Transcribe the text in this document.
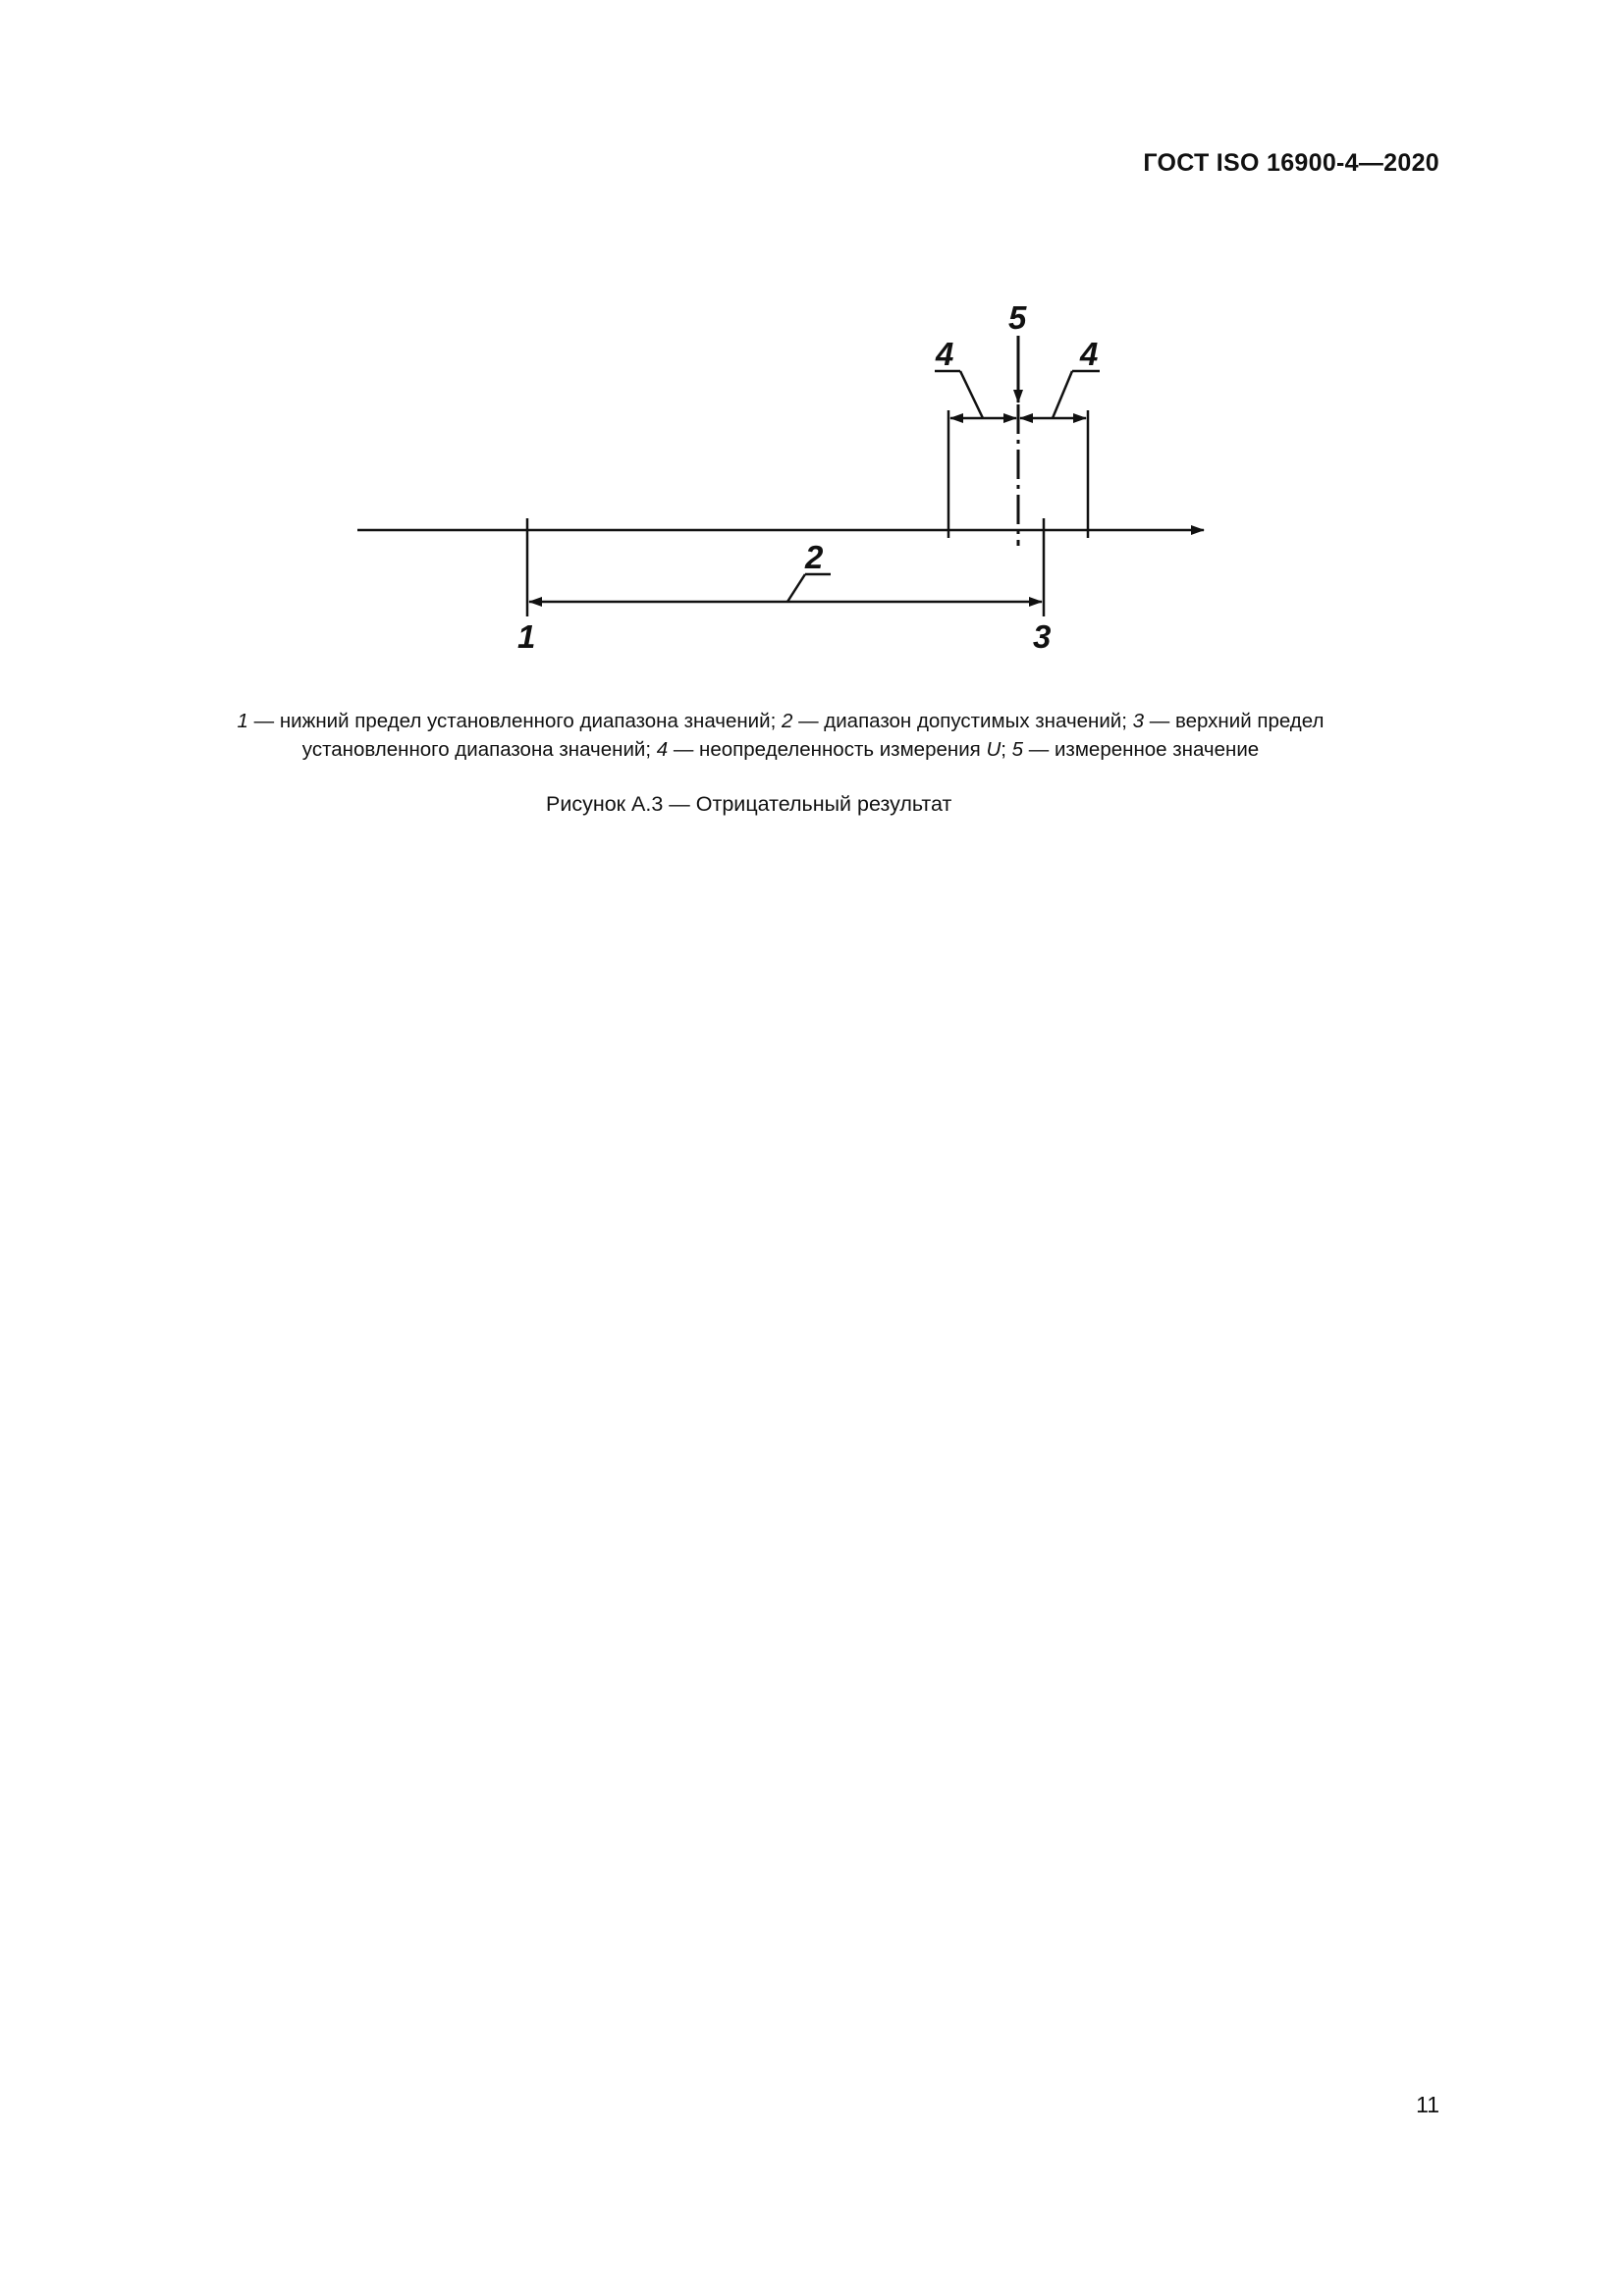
ГОСТ ISO 16900-4—2020
5
4	4
2
1	3
1 — нижний предел установленного диапазона значений; 2 — диапазон допустимых значений; 3 — верхний предел
установленного диапазона значений; 4 — неопределенность измерения U; 5 — измеренное значение
Рисунок А.3 — Отрицательный результат
11
